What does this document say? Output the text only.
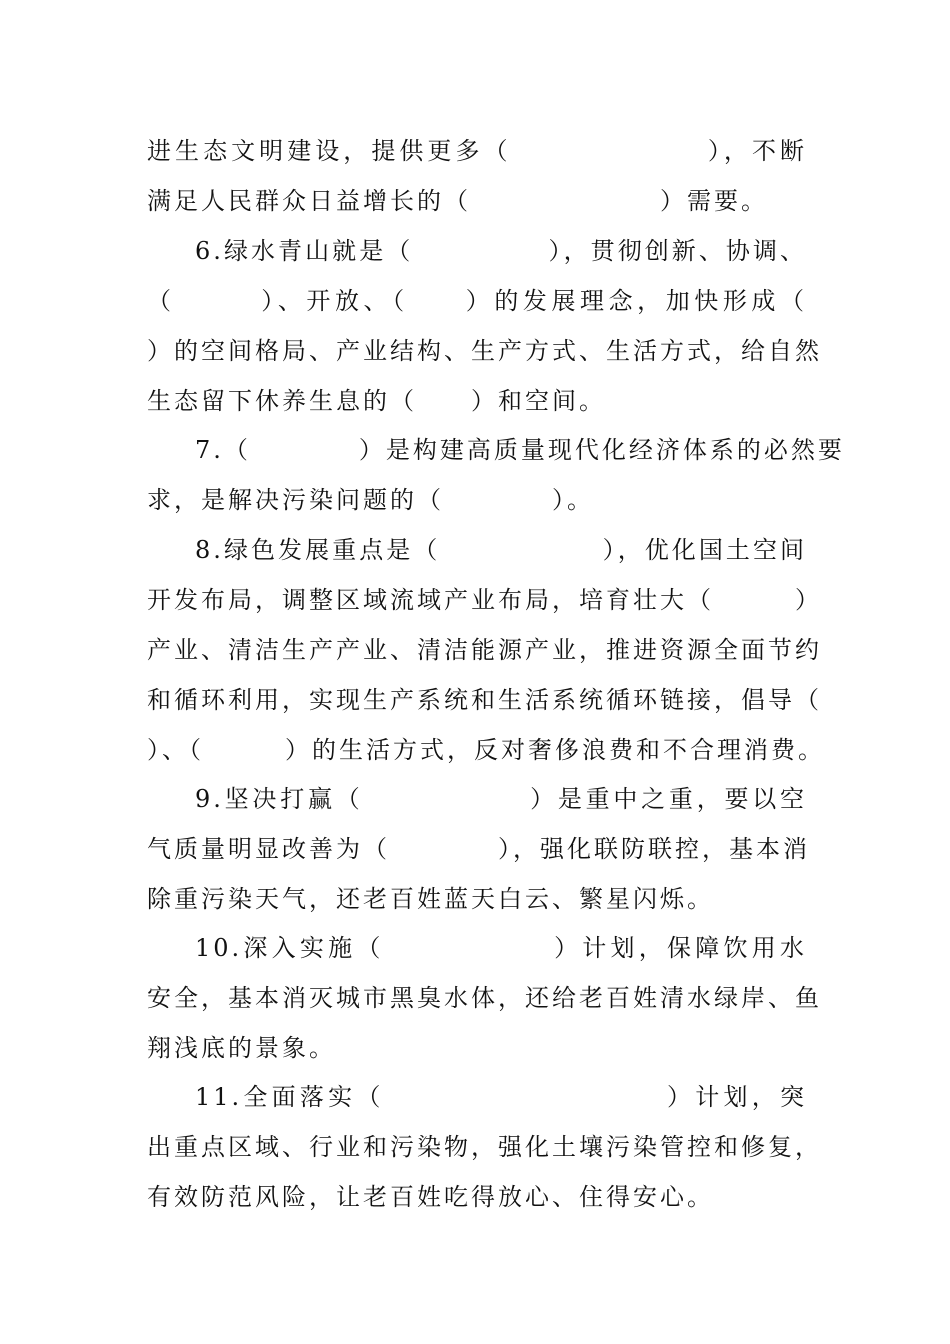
进生态文明建设，提供更多（　　　　　　　），不断
满足人民群众日益增长的（　　　　　　　）需要。
6.绿水青山就是（　　　　　），贯彻创新、协调、
（　　　）、开放、（　　）的发展理念，加快形成（
）的空间格局、产业结构、生产方式、生活方式，给自然
生态留下休养生息的（　　）和空间。
7.（　　　　）是构建高质量现代化经济体系的必然要
求，是解决污染问题的（　　　　）。
8.绿色发展重点是（　　　　　　），优化国土空间
开发布局，调整区域流域产业布局，培育壮大（　　　）
产业、清洁生产产业、清洁能源产业，推进资源全面节约
和循环利用，实现生产系统和生活系统循环链接，倡导（
）、（　　　）的生活方式，反对奢侈浪费和不合理消费。
9.坚决打赢（　　　　　　）是重中之重，要以空
气质量明显改善为（　　　　），强化联防联控，基本消
除重污染天气，还老百姓蓝天白云、繁星闪烁。
10.深入实施（　　　　　　）计划，保障饮用水
安全，基本消灭城市黑臭水体，还给老百姓清水绿岸、鱼
翔浅底的景象。
11.全面落实（　　　　　　　　　　）计划，突
出重点区域、行业和污染物，强化土壤污染管控和修复，
有效防范风险，让老百姓吃得放心、住得安心。
